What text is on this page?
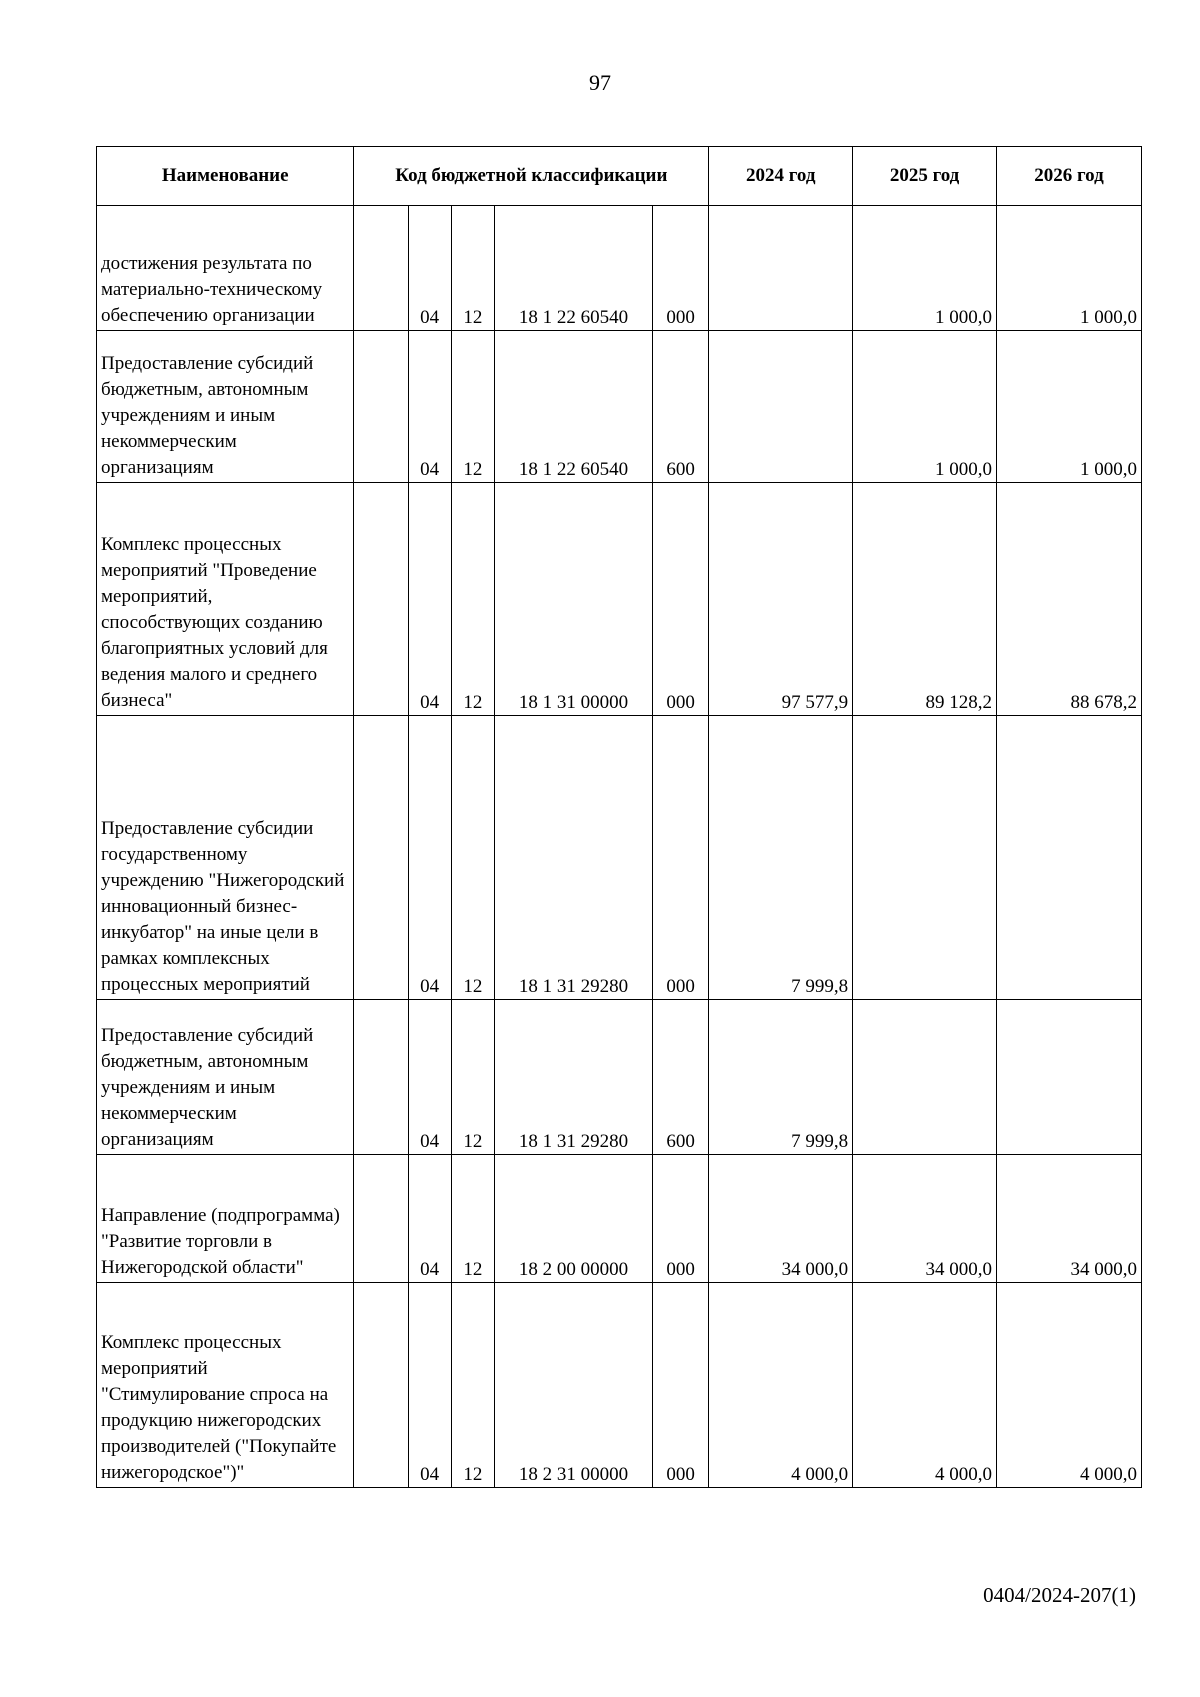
97
Наименование	Код бюджетной классификации					2024 год	2025 год	2026 год
достижения результата по материально-техническому обеспечению организации		04	12	18 1 22 60540	000		1 000,0	1 000,0
Предоставление субсидий бюджетным, автономным учреждениям и иным некоммерческим организациям		04	12	18 1 22 60540	600		1 000,0	1 000,0
Комплекс процессных мероприятий "Проведение мероприятий, способствующих созданию благоприятных условий для ведения малого и среднего бизнеса"		04	12	18 1 31 00000	000	97 577,9	89 128,2	88 678,2
Предоставление субсидии государственному учреждению "Нижегородский инновационный бизнес-инкубатор" на иные цели в рамках комплексных процессных мероприятий		04	12	18 1 31 29280	000	7 999,8		
Предоставление субсидий бюджетным, автономным учреждениям и иным некоммерческим организациям		04	12	18 1 31 29280	600	7 999,8		
Направление (подпрограмма) "Развитие торговли в Нижегородской области"		04	12	18 2 00 00000	000	34 000,0	34 000,0	34 000,0
Комплекс процессных мероприятий "Стимулирование спроса на продукцию нижегородских производителей ("Покупайте нижегородское")"		04	12	18 2 31 00000	000	4 000,0	4 000,0	4 000,0
0404/2024-207(1)
